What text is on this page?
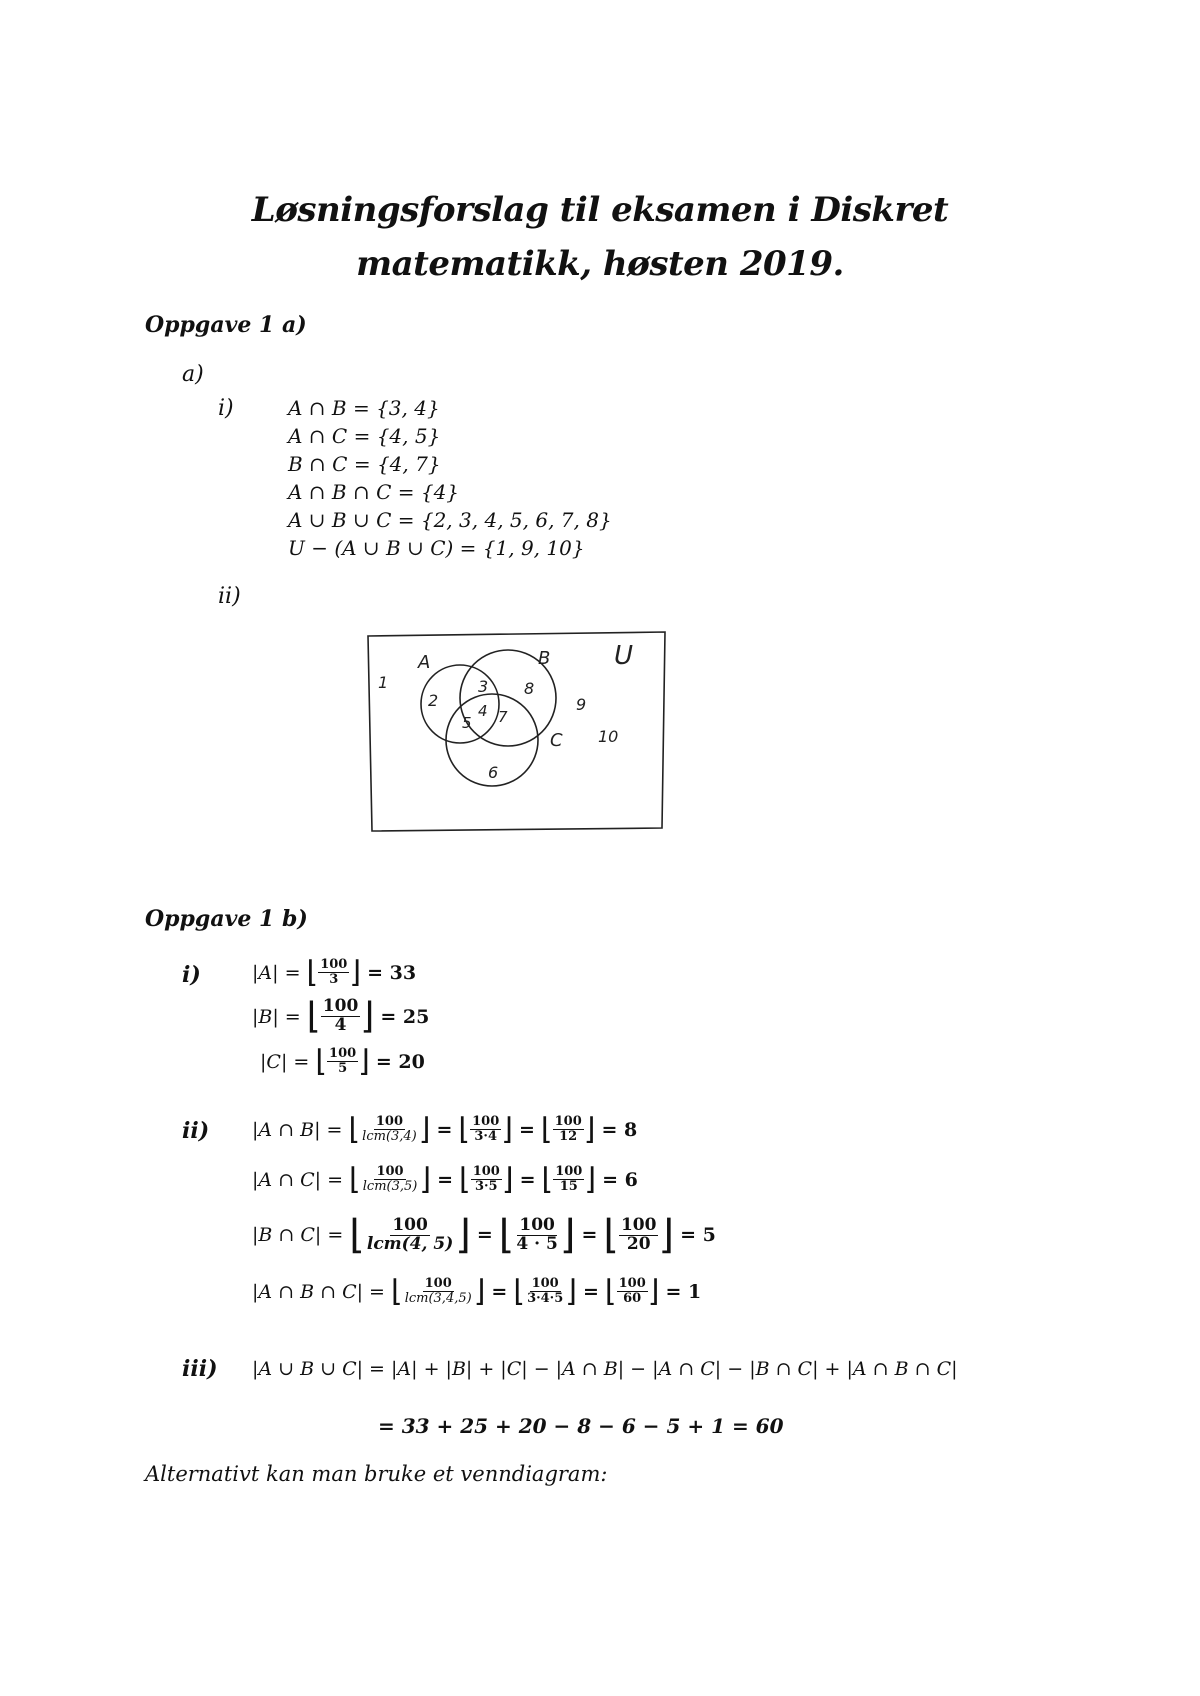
Løsningsforslag til eksamen i Diskret
matematikk, høsten 2019.
Oppgave 1 a)
a)
i)	A ∩ B = {3, 4}
A ∩ C = {4, 5}
B ∩ C = {4, 7}
A ∩ B ∩ C = {4}
A ∪ B ∪ C = {2, 3, 4, 5, 6, 7, 8}
U − (A ∪ B ∪ C) = {1, 9, 10}
ii)
A	B
C
U
1
2
3
4
5
6
7
8
9
10
Oppgave 1 b)
i)	|A| = ⌊ $\frac{100}{3}$ ⌋ = 33
|B| = ⌊ $\frac{100}{4}$ ⌋ = 25
|C| = ⌊ $\frac{100}{5}$ ⌋ = 20
ii) |A ∩ B| = ⌊ $\frac{100}{\text{lcm(3,4)}}$ ⌋ = ⌊ $\frac{100}{3\cdot 4}$ ⌋ = ⌊ $\frac{100}{12}$ ⌋ = 8
|A ∩ C| = ⌊ $\frac{100}{\text{lcm(3,5)}}$ ⌋ = ⌊ $\frac{100}{3\cdot 5}$ ⌋ = ⌊ $\frac{100}{15}$ ⌋ = 6
|B ∩ C| = ⌊ $\frac{100}{\text{lcm(4, 5)}}$ ⌋ = ⌊ $\frac{100}{4 \cdot 5}$ ⌋ = ⌊ $\frac{100}{20}$ ⌋ = 5
|A ∩ B ∩ C| = ⌊ $\frac{100}{\text{lcm(3,4,5)}}$ ⌋ = ⌊ $\frac{100}{3\cdot 4\cdot 5}$ ⌋ = ⌊ $\frac{100}{60}$ ⌋ = 1
iii) |A ∪ B ∪ C| = |A| + |B| + |C| − |A ∩ B| − |A ∩ C| − |B ∩ C| + |A ∩ B ∩ C|
= 33 + 25 + 20 − 8 − 6 − 5 + 1 = 60
Alternativt kan man bruke et venndiagram:
